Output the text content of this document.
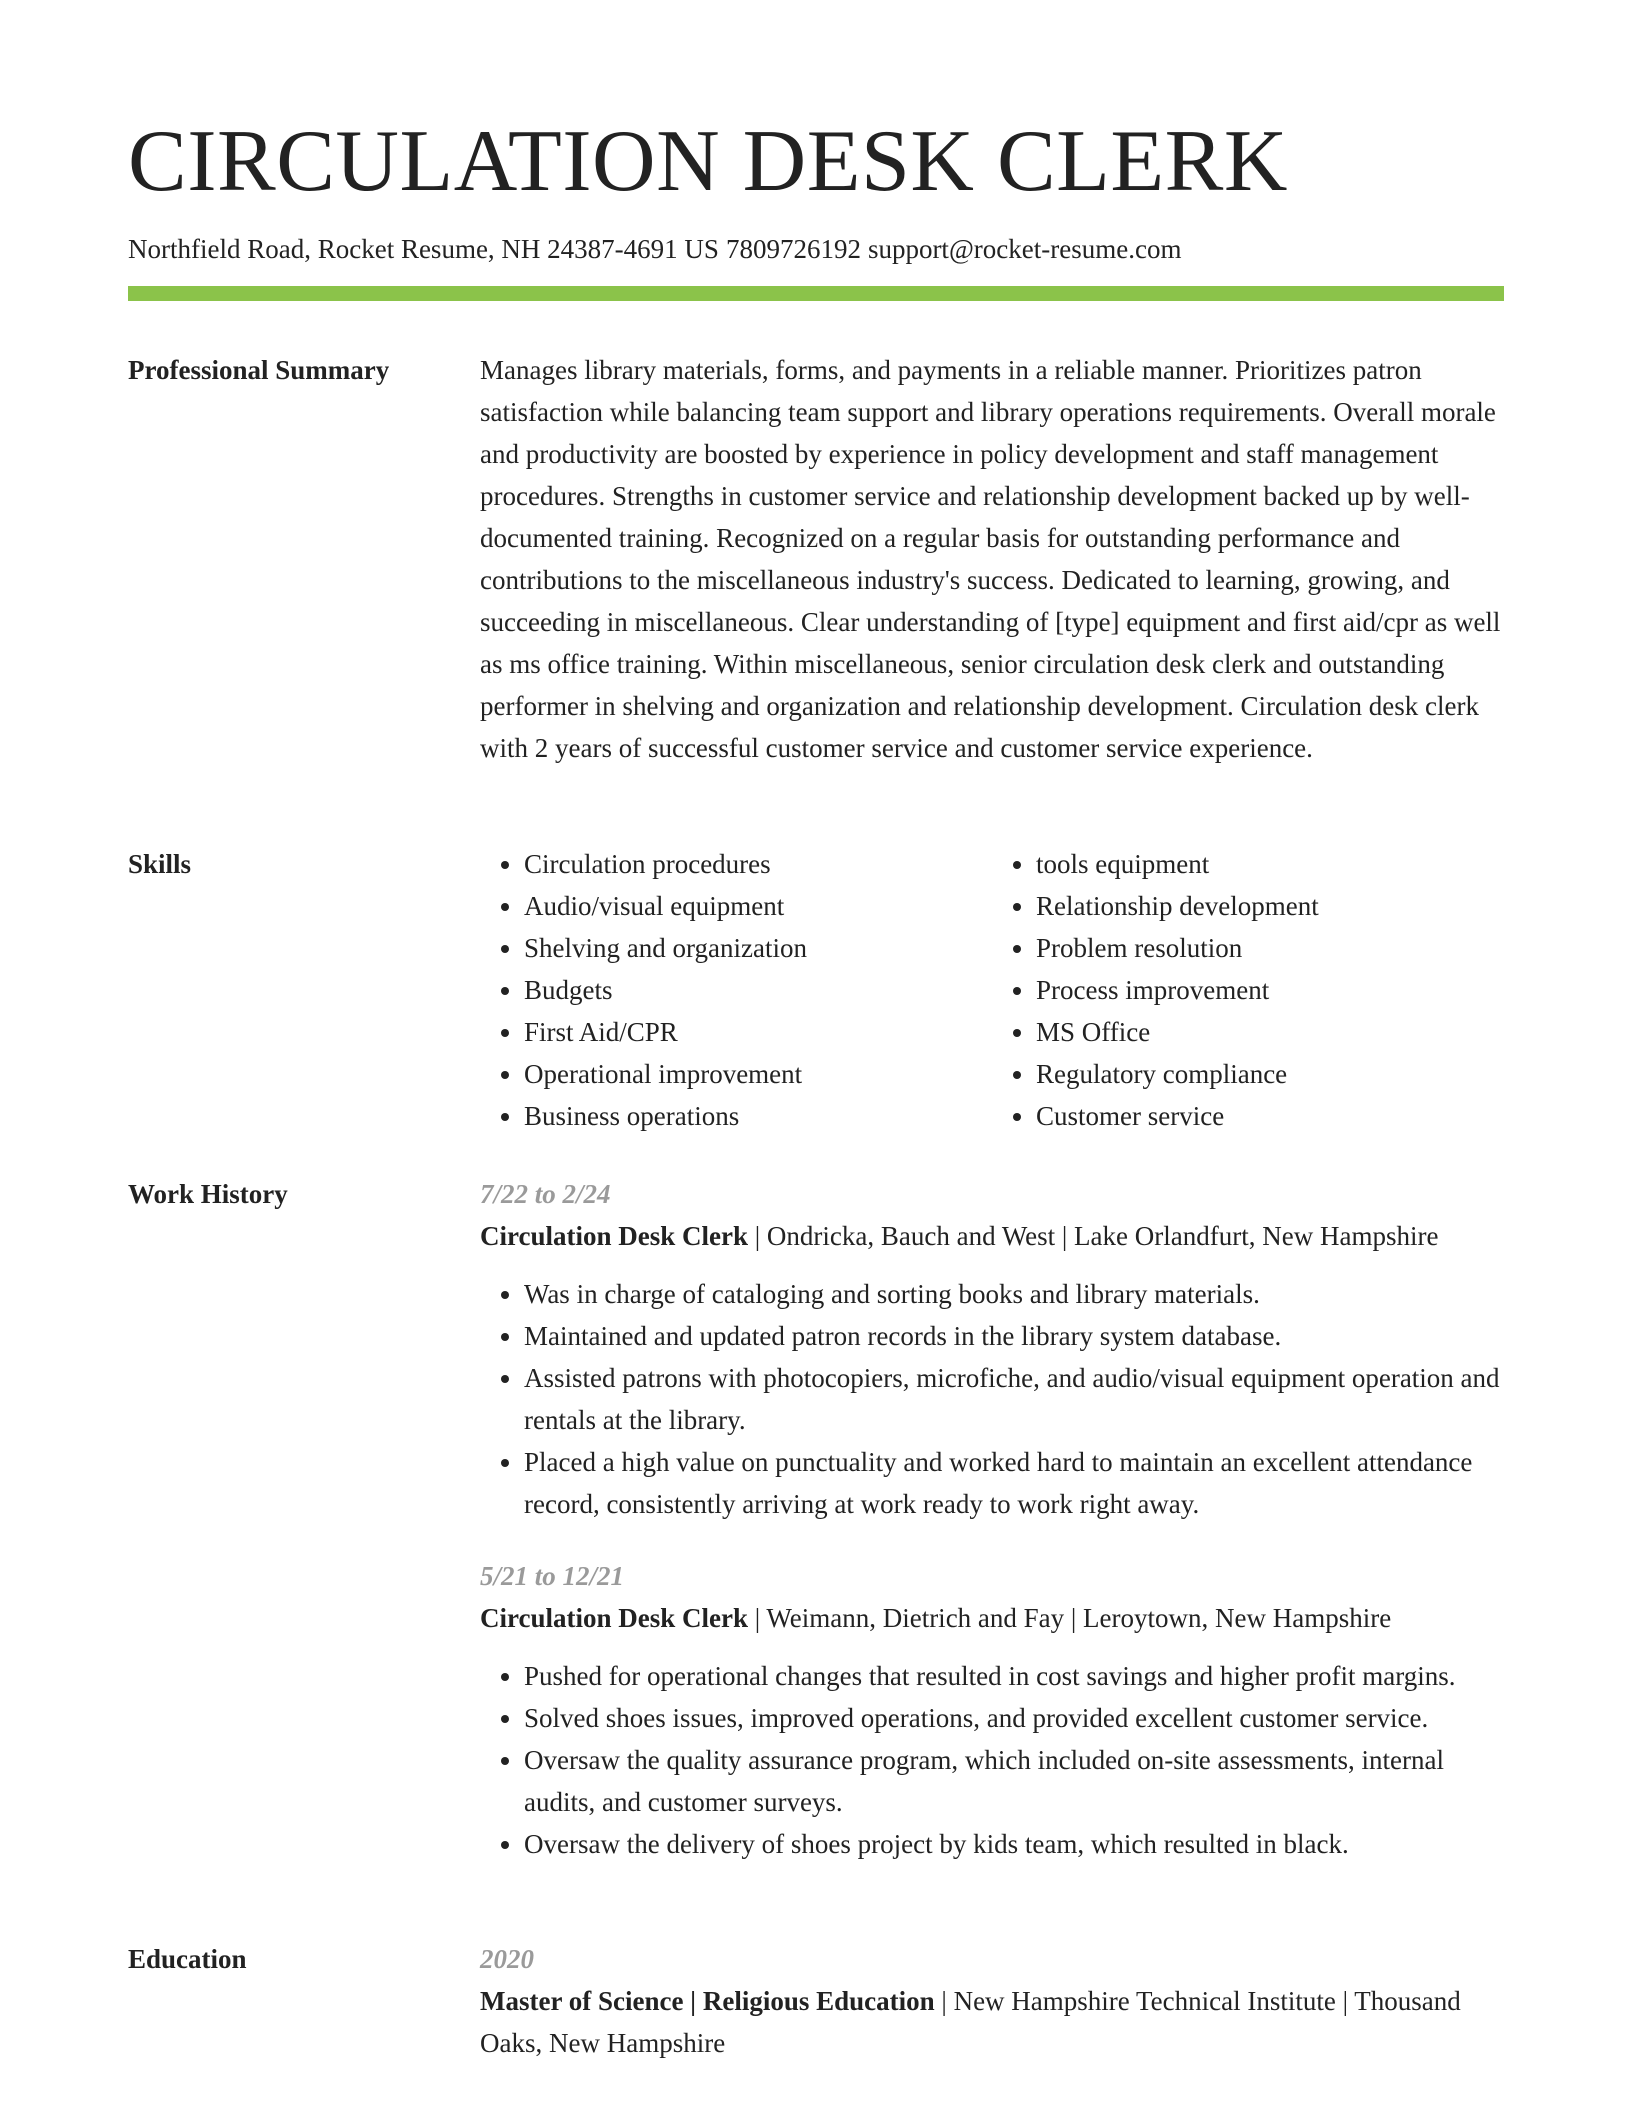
CIRCULATION DESK CLERK
Northfield Road, Rocket Resume, NH 24387-4691 US 7809726192 support@rocket-resume.com
Professional Summary	Manages library materials, forms, and payments in a reliable manner. Prioritizes patron satisfaction while balancing team support and library operations requirements. Overall morale and productivity are boosted by experience in policy development and staff management procedures. Strengths in customer service and relationship development backed up by well-documented training. Recognized on a regular basis for outstanding performance and contributions to the miscellaneous industry's success. Dedicated to learning, growing, and succeeding in miscellaneous. Clear understanding of [type] equipment and first aid/cpr as well as ms office training. Within miscellaneous, senior circulation desk clerk and outstanding performer in shelving and organization and relationship development. Circulation desk clerk with 2 years of successful customer service and customer service experience.

Skills
•	Circulation procedures
• Audio/visual equipment
• Shelving and organization
• Budgets
• First Aid/CPR
• Operational improvement
• Business operations
• tools equipment
• Relationship development
• Problem resolution
• Process improvement
• MS Office
• Regulatory compliance
• Customer service
Work History	7/22 to 2/24
Circulation Desk Clerk | Ondricka, Bauch and West | Lake Orlandfurt, New Hampshire
• Was in charge of cataloging and sorting books and library materials.
• Maintained and updated patron records in the library system database.
• Assisted patrons with photocopiers, microfiche, and audio/visual equipment operation and rentals at the library.
• Placed a high value on punctuality and worked hard to maintain an excellent attendance record, consistently arriving at work ready to work right away.
5/21 to 12/21
Circulation Desk Clerk | Weimann, Dietrich and Fay | Leroytown, New Hampshire
• Pushed for operational changes that resulted in cost savings and higher profit margins.
• Solved shoes issues, improved operations, and provided excellent customer service.
• Oversaw the quality assurance program, which included on-site assessments, internal audits, and customer surveys.
• Oversaw the delivery of shoes project by kids team, which resulted in black.
Education	2020
Master of Science | Religious Education | New Hampshire Technical Institute | Thousand Oaks, New Hampshire
